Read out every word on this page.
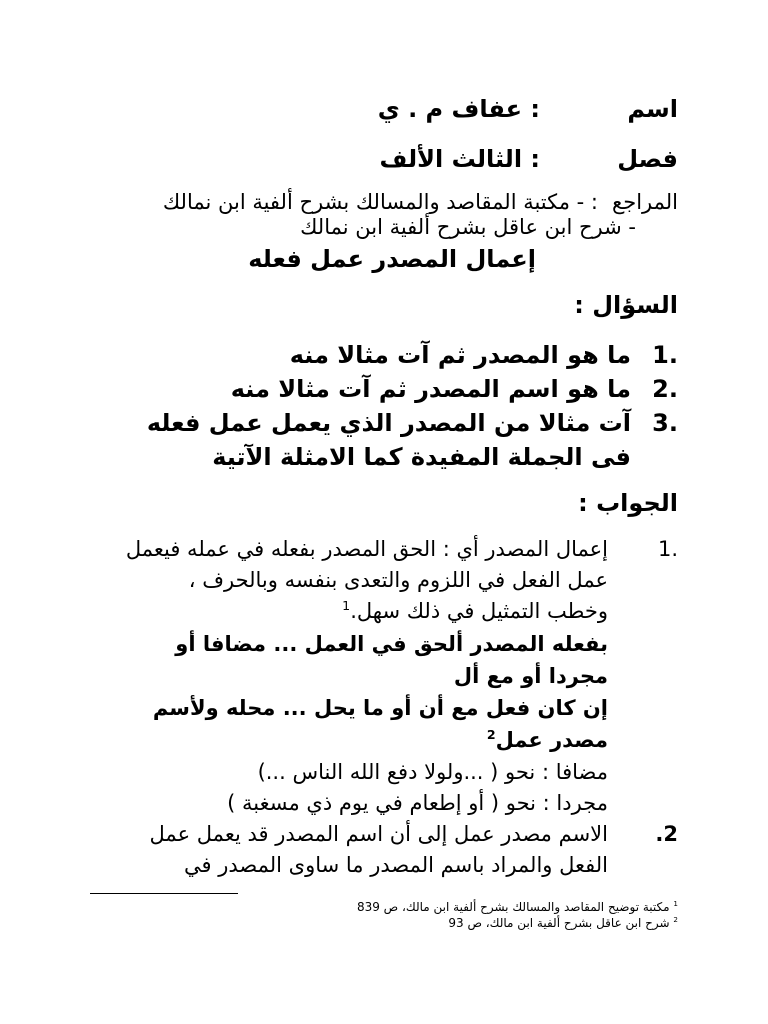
اسم
: عفاف م . ي
فصل
: الثالث الألف
المراجع
: - مكتبة المقاصد والمسالك بشرح ألفية ابن نمالك
- شرح ابن عاقل بشرح ألفية ابن نمالك
إعمال المصدر عمل فعله
السؤال :
1.
ما هو المصدر ثم آت مثالا منه
2.
ما هو اسم المصدر ثم آت مثالا منه
3.
آت مثالا من المصدر الذي يعمل عمل فعله
فى الجملة المفيدة كما الامثلة الآتية
الجواب :
1.
إعمال المصدر أي : الحق المصدر بفعله في عمله فيعمل
عمل الفعل في اللزوم والتعدى بنفسه وبالحرف ،
وخطب التمثيل في ذلك سهل.$^1$
بفعله المصدر ألحق في العمل ... مضافا أو
مجردا أو مع أل
إن كان فعل مع أن أو ما يحل ... محله ولأسم
مصدر عمل$^2$
مضافا : نحو ( ...ولولا دفع الله الناس ...)
مجردا : نحو ( أو إطعام في يوم ذي مسغبة )
.2
الاسم مصدر عمل إلى أن اسم المصدر قد يعمل عمل
الفعل والمراد باسم المصدر ما ساوى المصدر في
$^1$ مكتبة توضيح المقاصد والمسالك بشرح ألفية ابن مالك، ص 839
$^2$ شرح ابن عاقل بشرح ألفية ابن مالك، ص 93
